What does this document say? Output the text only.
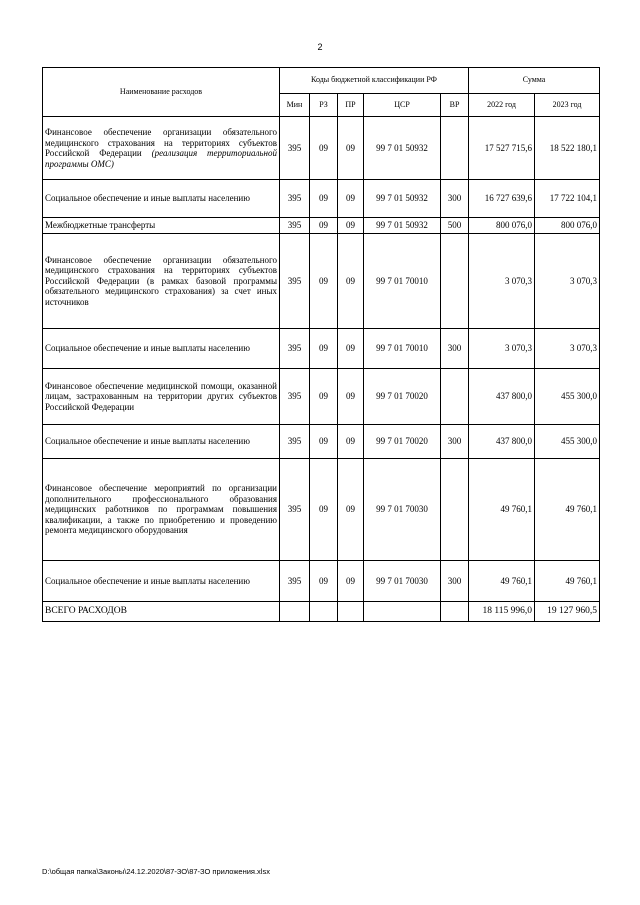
2
Наименование расходов	Коды бюджетной классификации РФ					Сумма	
	Мин	РЗ	ПР	ЦСР	ВР	2022 год	2023 год
Финансовое обеспечение организации обязательного медицинского страхования на территориях субъектов Российской Федерации (реализация территориальной программы ОМС)	395	09	09	99 7 01 50932		17 527 715,6	18 522 180,1
Социальное обеспечение и иные выплаты населению	395	09	09	99 7 01 50932	300	16 727 639,6	17 722 104,1
Межбюджетные трансферты	395	09	09	99 7 01 50932	500	800 076,0	800 076,0
Финансовое обеспечение организации обязательного медицинского страхования на территориях субъектов Российской Федерации (в рамках базовой программы обязательного медицинского страхования) за счет иных источников	395	09	09	99 7 01 70010		3 070,3	3 070,3
Социальное обеспечение и иные выплаты населению	395	09	09	99 7 01 70010	300	3 070,3	3 070,3
Финансовое обеспечение медицинской помощи, оказанной лицам, застрахованным на территории других субъектов Российской Федерации	395	09	09	99 7 01 70020		437 800,0	455 300,0
Социальное обеспечение и иные выплаты населению	395	09	09	99 7 01 70020	300	437 800,0	455 300,0
Финансовое обеспечение мероприятий по организации дополнительного профессионального образования медицинских работников по программам повышения квалификации, а также по приобретению и проведению ремонта медицинского оборудования	395	09	09	99 7 01 70030		49 760,1	49 760,1
Социальное обеспечение и иные выплаты населению	395	09	09	99 7 01 70030	300	49 760,1	49 760,1
ВСЕГО РАСХОДОВ						18 115 996,0	19 127 960,5
D:\общая папка\Законы\24.12.2020\87-ЗО\87-ЗО приложения.xlsx
